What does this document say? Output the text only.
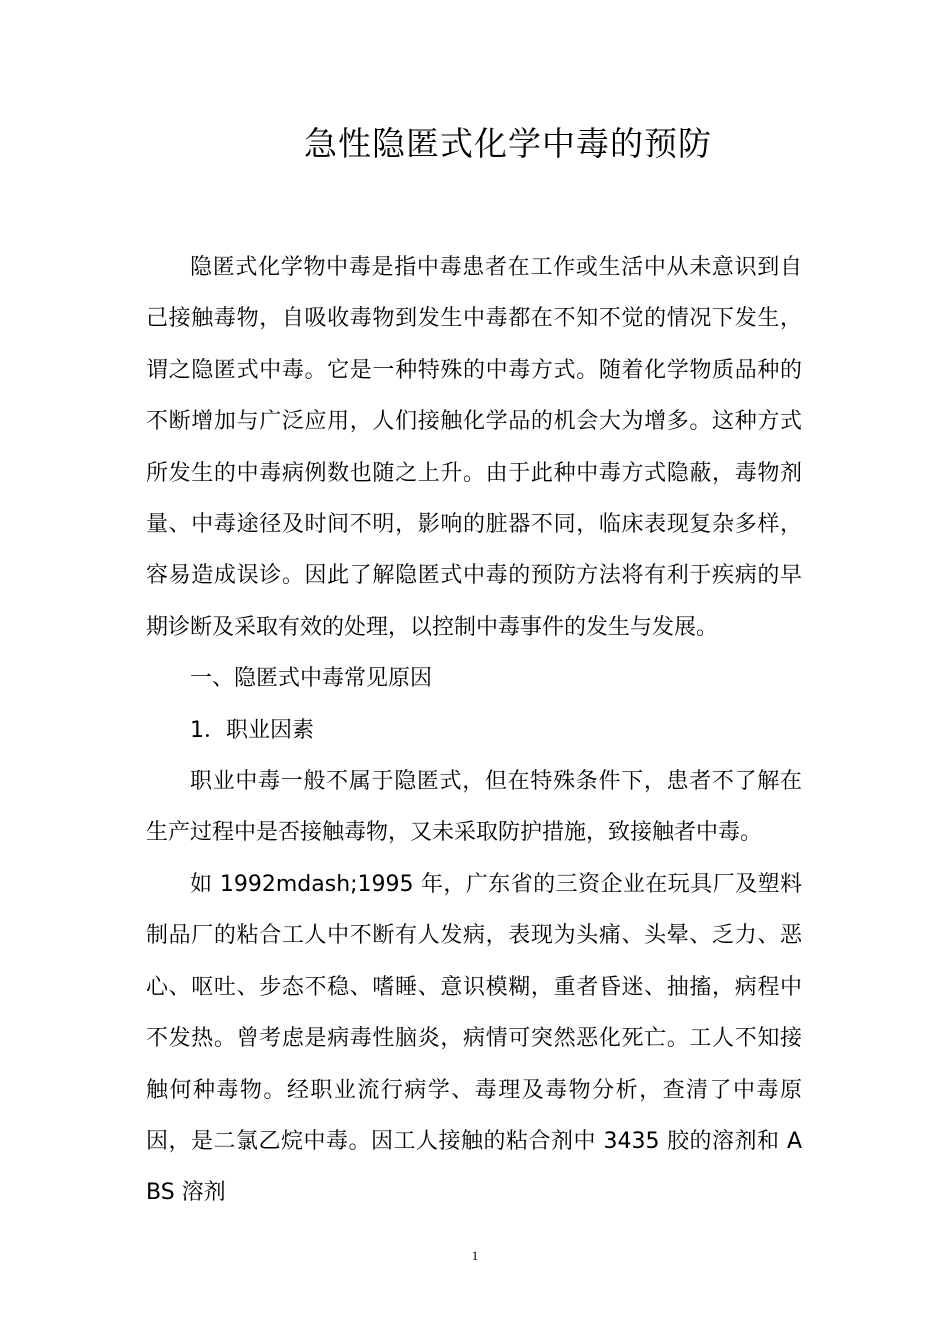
急性隐匿式化学中毒的预防

隐匿式化学物中毒是指中毒患者在工作或生活中从未意识到自己接触毒物，自吸收毒物到发生中毒都在不知不觉的情况下发生，谓之隐匿式中毒。它是一种特殊的中毒方式。随着化学物质品种的不断增加与广泛应用，人们接触化学品的机会大为增多。这种方式所发生的中毒病例数也随之上升。由于此种中毒方式隐蔽，毒物剂量、中毒途径及时间不明，影响的脏器不同，临床表现复杂多样，容易造成误诊。因此了解隐匿式中毒的预防方法将有利于疾病的早期诊断及采取有效的处理，以控制中毒事件的发生与发展。

一、隐匿式中毒常见原因

1．职业因素

职业中毒一般不属于隐匿式，但在特殊条件下，患者不了解在生产过程中是否接触毒物，又未采取防护措施，致接触者中毒。

如 1992mdash;1995 年，广东省的三资企业在玩具厂及塑料制品厂的粘合工人中不断有人发病，表现为头痛、头晕、乏力、恶心、呕吐、步态不稳、嗜睡、意识模糊，重者昏迷、抽搐，病程中不发热。曾考虑是病毒性脑炎，病情可突然恶化死亡。工人不知接触何种毒物。经职业流行病学、毒理及毒物分析，查清了中毒原因，是二氯乙烷中毒。因工人接触的粘合剂中 3435 胶的溶剂和 ABS 溶剂

1
